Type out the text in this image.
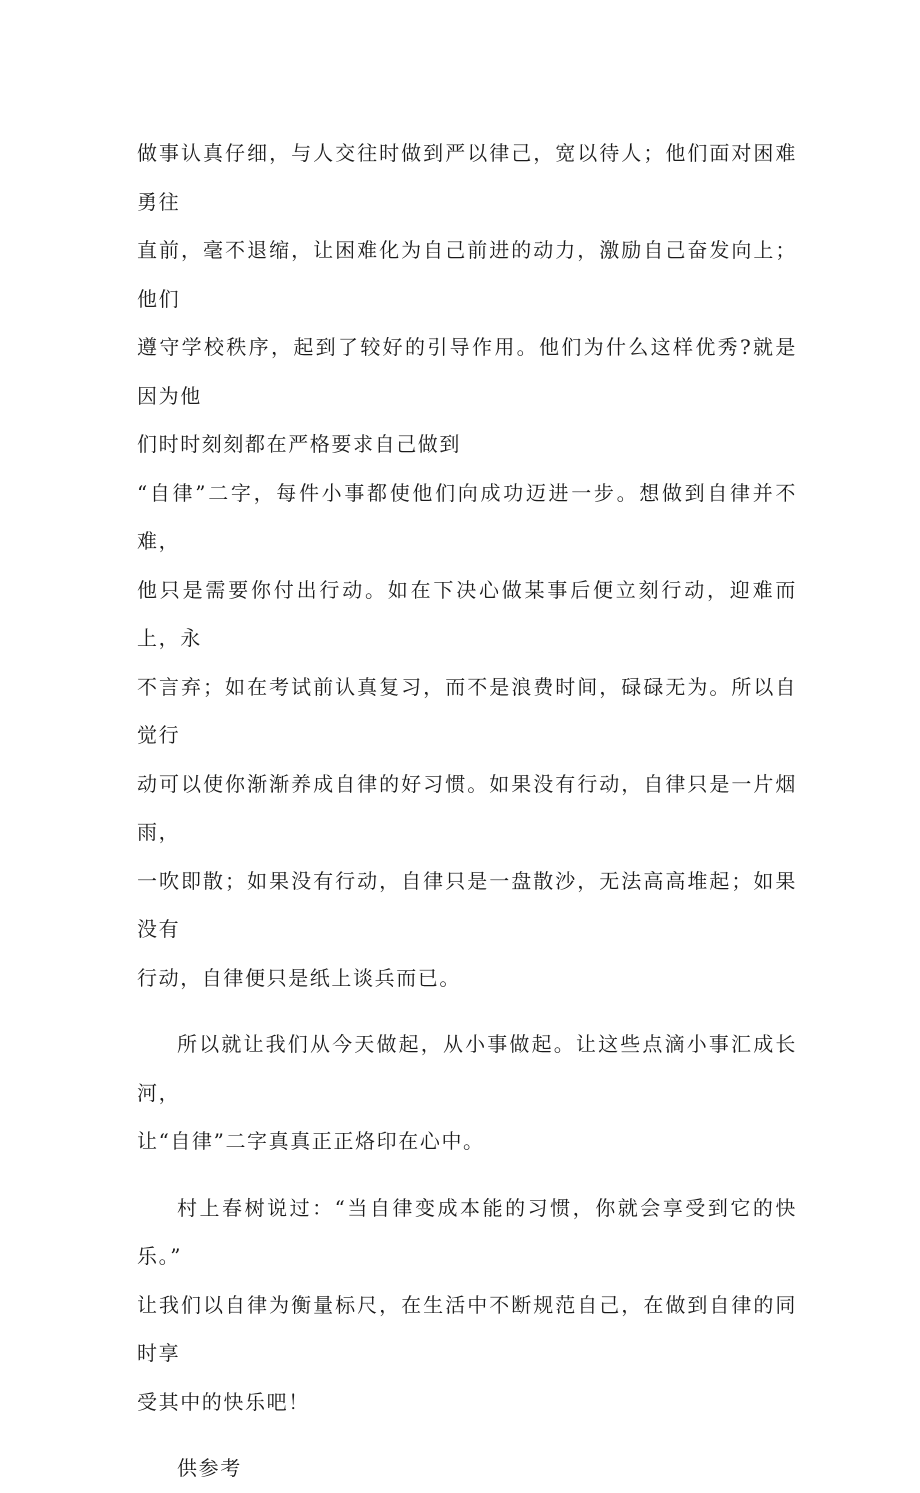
做事认真仔细，与人交往时做到严以律己，宽以待人；他们面对困难勇往
直前，毫不退缩，让困难化为自己前进的动力，激励自己奋发向上；他们
遵守学校秩序，起到了较好的引导作用。他们为什么这样优秀?就是因为他
们时时刻刻都在严格要求自己做到

“自律”二字，每件小事都使他们向成功迈进一步。想做到自律并不难，
他只是需要你付出行动。如在下决心做某事后便立刻行动，迎难而上，永
不言弃；如在考试前认真复习，而不是浪费时间，碌碌无为。所以自觉行
动可以使你渐渐养成自律的好习惯。如果没有行动，自律只是一片烟雨，
一吹即散；如果没有行动，自律只是一盘散沙，无法高高堆起；如果没有
行动，自律便只是纸上谈兵而已。

所以就让我们从今天做起，从小事做起。让这些点滴小事汇成长河，
让“自律”二字真真正正烙印在心中。

村上春树说过：“当自律变成本能的习惯，你就会享受到它的快乐。”
让我们以自律为衡量标尺，在生活中不断规范自己，在做到自律的同时享
受其中的快乐吧！

供参考
